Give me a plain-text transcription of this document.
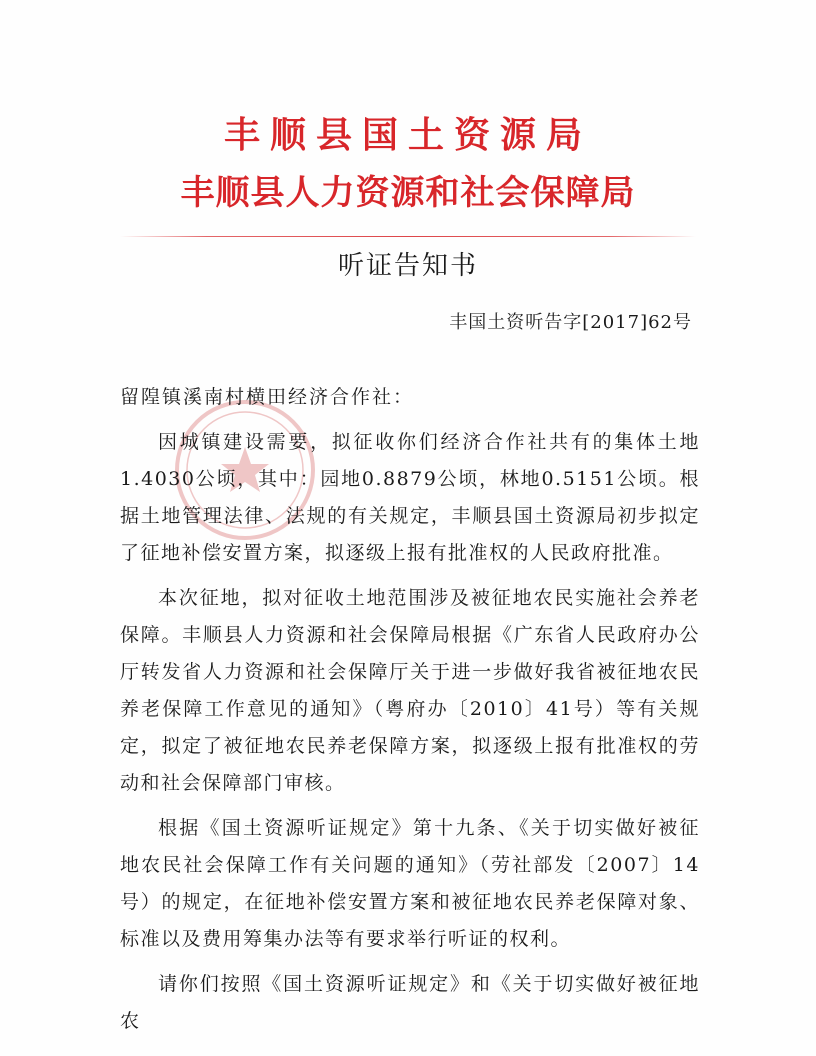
丰顺县国土资源局
丰顺县人力资源和社会保障局
听证告知书
丰国土资听告字[2017]62号
留隍镇溪南村横田经济合作社：

因城镇建设需要，拟征收你们经济合作社共有的集体土地1.4030公顷，其中：园地0.8879公顷，林地0.5151公顷。根据土地管理法律、法规的有关规定，丰顺县国土资源局初步拟定了征地补偿安置方案，拟逐级上报有批准权的人民政府批准。

本次征地，拟对征收土地范围涉及被征地农民实施社会养老保障。丰顺县人力资源和社会保障局根据《广东省人民政府办公厅转发省人力资源和社会保障厅关于进一步做好我省被征地农民养老保障工作意见的通知》（粤府办〔2010〕41号）等有关规定，拟定了被征地农民养老保障方案，拟逐级上报有批准权的劳动和社会保障部门审核。

根据《国土资源听证规定》第十九条、《关于切实做好被征地农民社会保障工作有关问题的通知》（劳社部发〔2007〕14号）的规定，在征地补偿安置方案和被征地农民养老保障对象、标准以及费用筹集办法等有要求举行听证的权利。

请你们按照《国土资源听证规定》和《关于切实做好被征地农
